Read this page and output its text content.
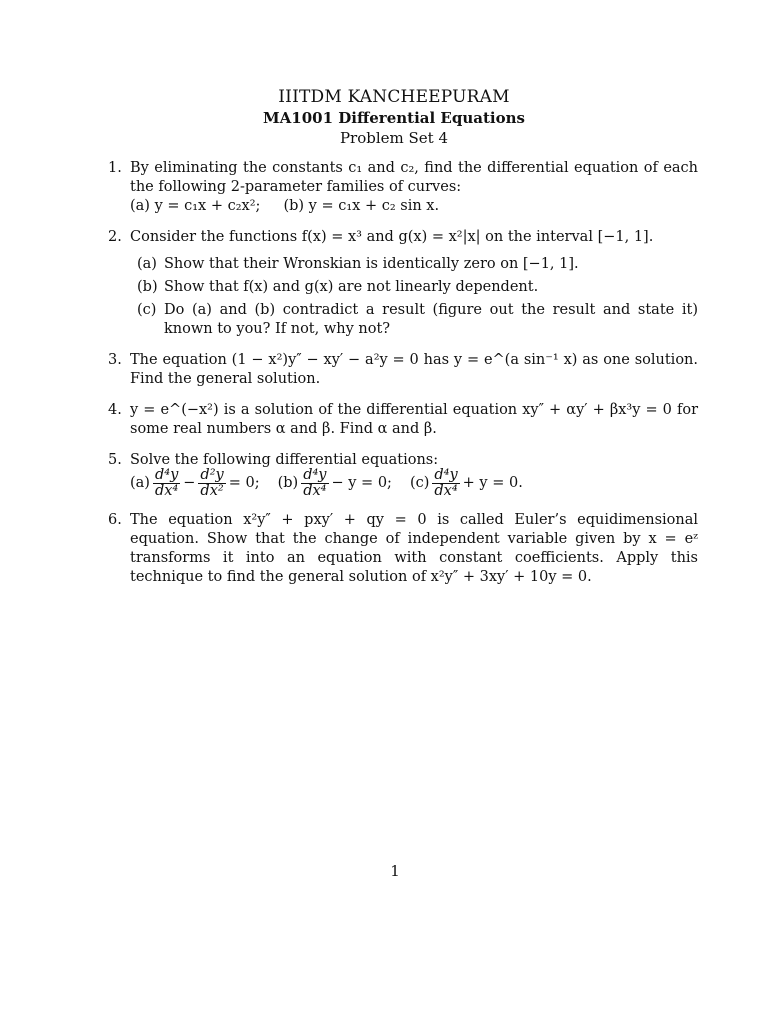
IIITDM KANCHEEPURAM
MA1001 Differential Equations
Problem Set 4
1. By eliminating the constants c₁ and c₂, find the differential equation of each the following 2-parameter families of curves:
(a) y = c₁x + c₂x²;     (b) y = c₁x + c₂ sin x.
2. Consider the functions f(x) = x³ and g(x) = x²|x| on the interval [−1, 1].
(a) Show that their Wronskian is identically zero on [−1, 1].
(b) Show that f(x) and g(x) are not linearly dependent.
(c) Do (a) and (b) contradict a result (figure out the result and state it) known to you? If not, why not?
3. The equation (1 − x²)y″ − xy′ − a²y = 0 has y = e^(a sin⁻¹ x) as one solution. Find the general solution.
4. y = e^(−x²) is a solution of the differential equation xy″ + αy′ + βx³y = 0 for some real numbers α and β. Find α and β.
5. Solve the following differential equations:
$(a) \frac{\text{d⁴y}}{\text{dx⁴}} - \frac{\text{d²y}}{\text{dx²}} = 0$; $(b) \frac{\text{d⁴y}}{\text{dx⁴}} - y = 0$; $(c) \frac{\text{d⁴y}}{\text{dx⁴}} + y = 0$.
6. The equation x²y″ + pxy′ + qy = 0 is called Euler’s equidimensional equation. Show that the change of independent variable given by x = eᶻ transforms it into an equation with constant coefficients. Apply this technique to find the general solution of x²y″ + 3xy′ + 10y = 0.
1
